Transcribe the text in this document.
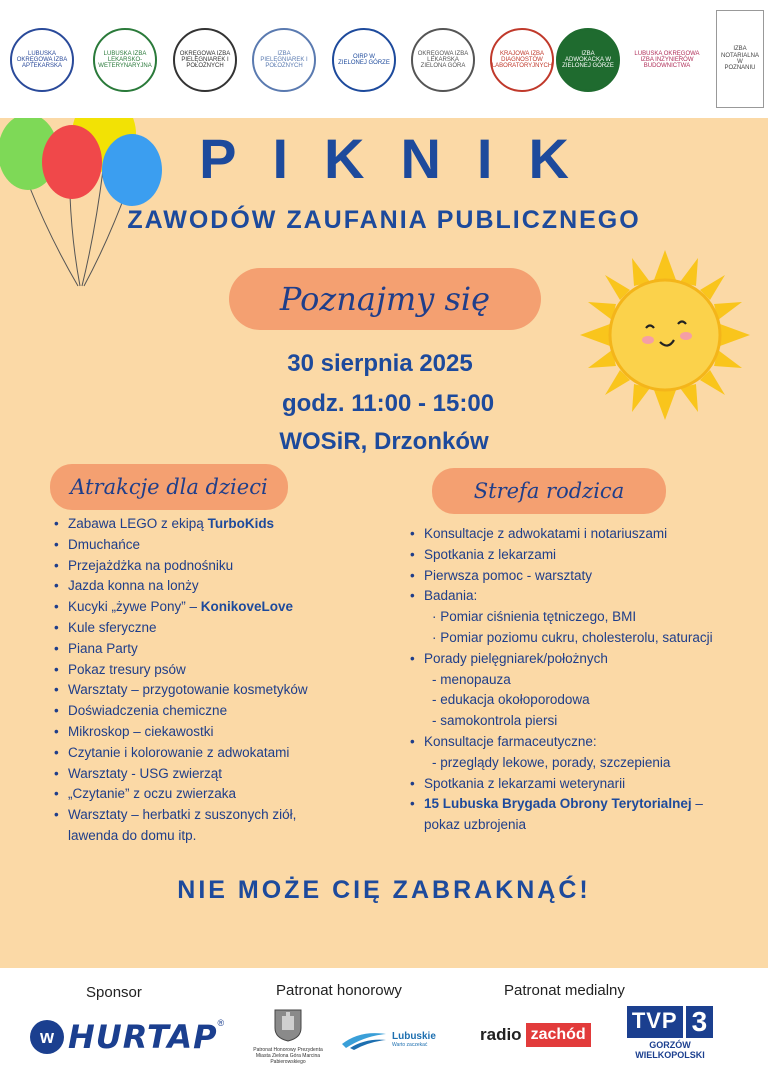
LUBUSKA OKRĘGOWA IZBA APTEKARSKA
LUBUSKA IZBA LEKARSKO-WETERYNARYJNA
OKRĘGOWA IZBA PIELĘGNIAREK I POŁOŻNYCH
IZBA PIELĘGNIAREK I POŁOŻNYCH
OIRP W ZIELONEJ GÓRZE
OKRĘGOWA IZBA LEKARSKA ZIELONA GÓRA
KRAJOWA IZBA DIAGNOSTÓW LABORATORYJNYCH
IZBA ADWOKACKA W ZIELONEJ GÓRZE
LUBUSKA OKRĘGOWA IZBA INŻYNIERÓW BUDOWNICTWA
IZBA NOTARIALNA W POZNANIU
PIKNIK
ZAWODÓW ZAUFANIA PUBLICZNEGO
Poznajmy się
30 sierpnia 2025
godz. 11:00 - 15:00
WOSiR, Drzonków
Atrakcje dla dzieci	Strefa rodzica
• Zabawa LEGO z ekipą TurboKids
• Dmuchańce
• Przejażdżka na podnośniku
• Jazda konna na lonży
• Kucyki „żywe Pony” – KonikoveLove
• Kule sferyczne
• Piana Party
• Pokaz tresury psów
• Warsztaty – przygotowanie kosmetyków
• Doświadczenia chemiczne
• Mikroskop – ciekawostki
• Czytanie i kolorowanie z adwokatami
• Warsztaty - USG zwierząt
• „Czytanie” z oczu zwierzaka
• Warsztaty – herbatki z suszonych ziół,
lawenda do domu itp.
• Konsultacje z adwokatami i notariuszami
• Spotkania z lekarzami
• Pierwsza pomoc - warsztaty
• Badania:
· Pomiar ciśnienia tętniczego, BMI
· Pomiar poziomu cukru, cholesterolu, saturacji
• Porady pielęgniarek/położnych
- menopauza
- edukacja okołoporodowa
- samokontrola piersi
• Konsultacje farmaceutyczne:
- przeglądy lekowe, porady, szczepienia
• Spotkania z lekarzami weterynarii
• 15 Lubuska Brygada Obrony Terytorialnej –
pokaz uzbrojenia
NIE MOŻE CIĘ ZABRAKNĄĆ!
Sponsor	Patronat honorowy	Patronat medialny
w HURTAP ®
Patronat Honorowy Prezydenta Miasta Zielona Góra Marcina Pabierowskiego
Lubuskie
Warto zaczekać
radio zachód
TVP 3
GORZÓW WIELKOPOLSKI
